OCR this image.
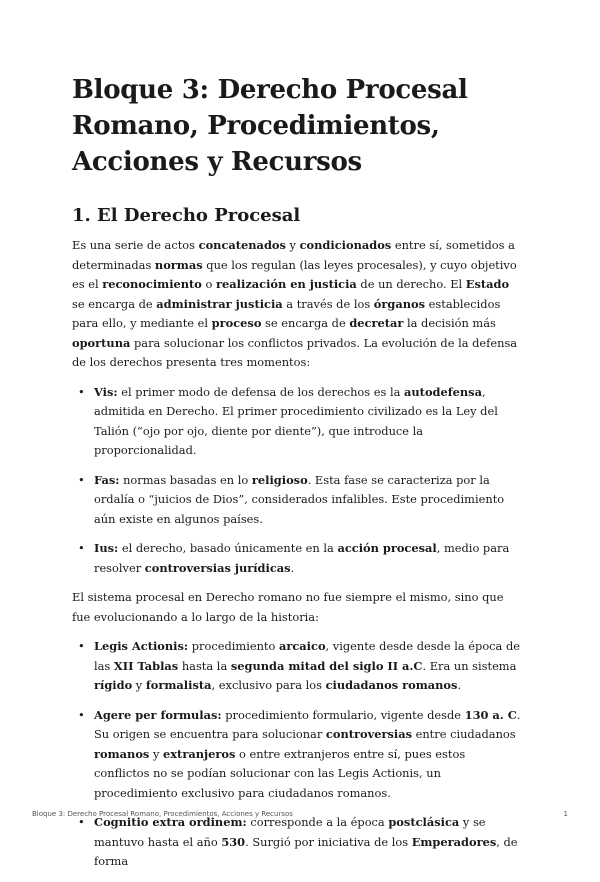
Bloque 3: Derecho Procesal Romano, Procedimientos, Acciones y Recursos
1. El Derecho Procesal

Es una serie de actos concatenados y condicionados entre sí, sometidos a determinadas normas que los regulan (las leyes procesales), y cuyo objetivo es el reconocimiento o realización en justicia de un derecho. El Estado se encarga de administrar justicia a través de los órganos establecidos para ello, y mediante el proceso se encarga de decretar la decisión más oportuna para solucionar los conflictos privados. La evolución de la defensa de los derechos presenta tres momentos:

• Vis: el primer modo de defensa de los derechos es la autodefensa, admitida en Derecho. El primer procedimiento civilizado es la Ley del Talión (“ojo por ojo, diente por diente”), que introduce la proporcionalidad.
• Fas: normas basadas en lo religioso. Esta fase se caracteriza por la ordalía o “juicios de Dios”, considerados infalibles. Este procedimiento aún existe en algunos países.
• Ius: el derecho, basado únicamente en la acción procesal, medio para resolver controversias jurídicas.

El sistema procesal en Derecho romano no fue siempre el mismo, sino que fue evolucionando a lo largo de la historia:

• Legis Actionis: procedimiento arcaico, vigente desde desde la época de las XII Tablas hasta la segunda mitad del siglo II a.C. Era un sistema rígido y formalista, exclusivo para los ciudadanos romanos.
• Agere per formulas: procedimiento formulario, vigente desde 130 a. C. Su origen se encuentra para solucionar controversias entre ciudadanos romanos y extranjeros o entre extranjeros entre sí, pues estos conflictos no se podían solucionar con las Legis Actionis, un procedimiento exclusivo para ciudadanos romanos.
• Cognitio extra ordinem: corresponde a la época postclásica y se mantuvo hasta el año 530. Surgió por iniciativa de los Emperadores, de forma
Bloque 3: Derecho Procesal Romano, Procedimientos, Acciones y Recursos	1
